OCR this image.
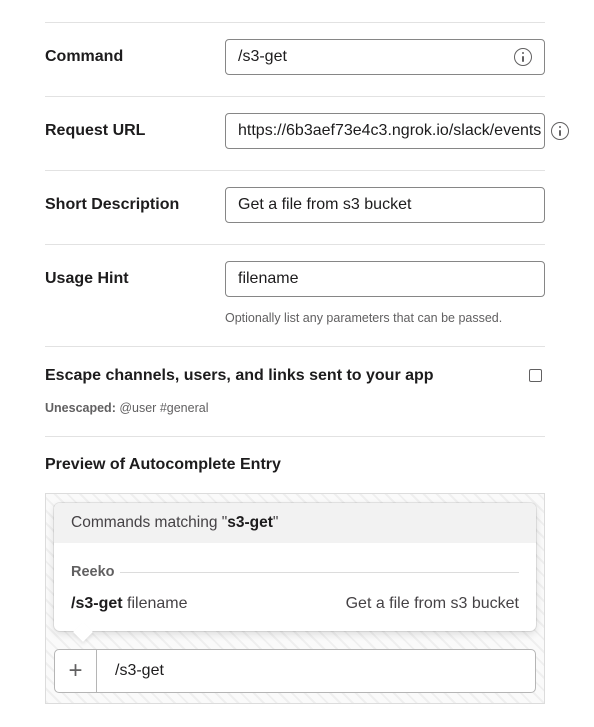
Command	/s3-get
Request URL	https://6b3aef73e4c3.ngrok.io/slack/events
Short Description	Get a file from s3 bucket
Usage Hint	filename
Optionally list any parameters that can be passed.
Escape channels, users, and links sent to your app
Unescaped: @user #general
Preview of Autocomplete Entry
Commands matching " s3-get "
Reeko
/s3-get filename	Get a file from s3 bucket
+	/s3-get
